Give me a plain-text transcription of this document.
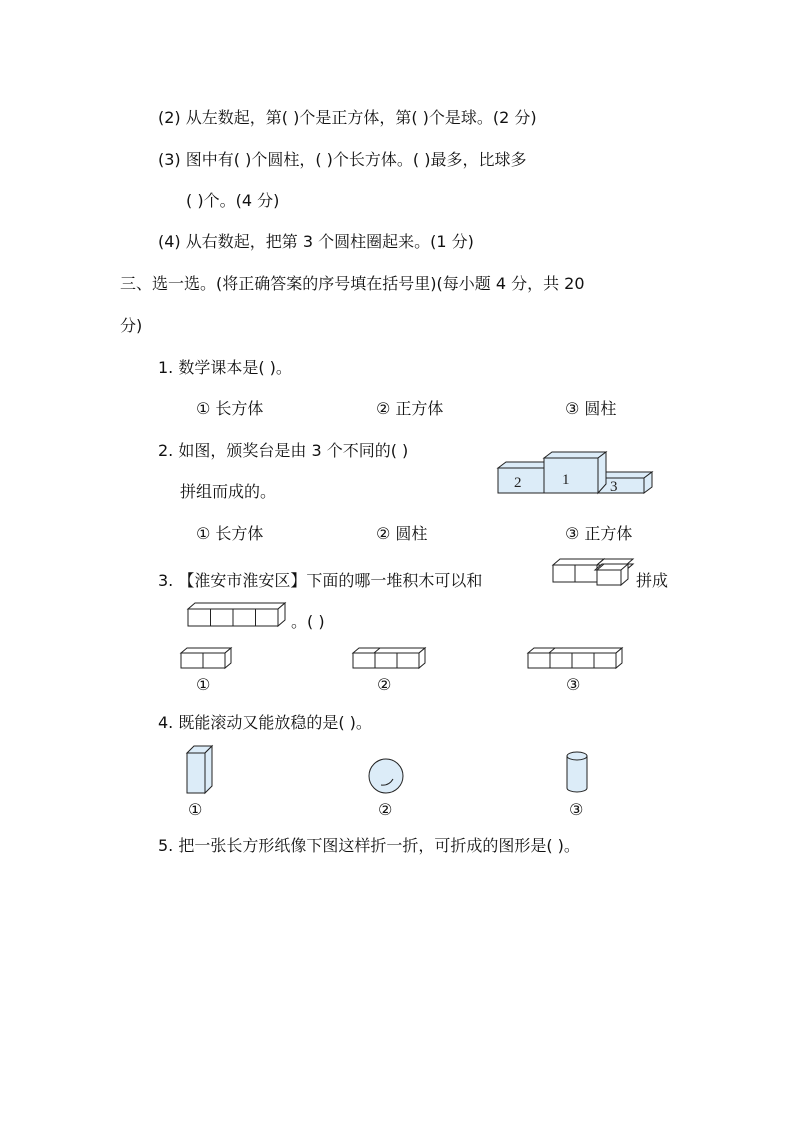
(2) 从左数起，第( )个是正方体，第( )个是球。(2 分)
(3) 图中有( )个圆柱，( )个长方体。( )最多，比球多
( )个。(4 分)
(4) 从右数起，把第 3 个圆柱圈起来。(1 分)
三、选一选。(将正确答案的序号填在括号里)(每小题 4 分，共 20
分)
1. 数学课本是( )。
① 长方体	② 正方体	③ 圆柱
2. 如图，颁奖台是由 3 个不同的( )
拼组而成的。	2	1	3
① 长方体	② 圆柱	③ 正方体
3. 【淮安市淮安区】下面的哪一堆积木可以和	拼成
。( )
①	②	③
4. 既能滚动又能放稳的是( )。
①	②	③
5. 把一张长方形纸像下图这样折一折，可折成的图形是( )。
